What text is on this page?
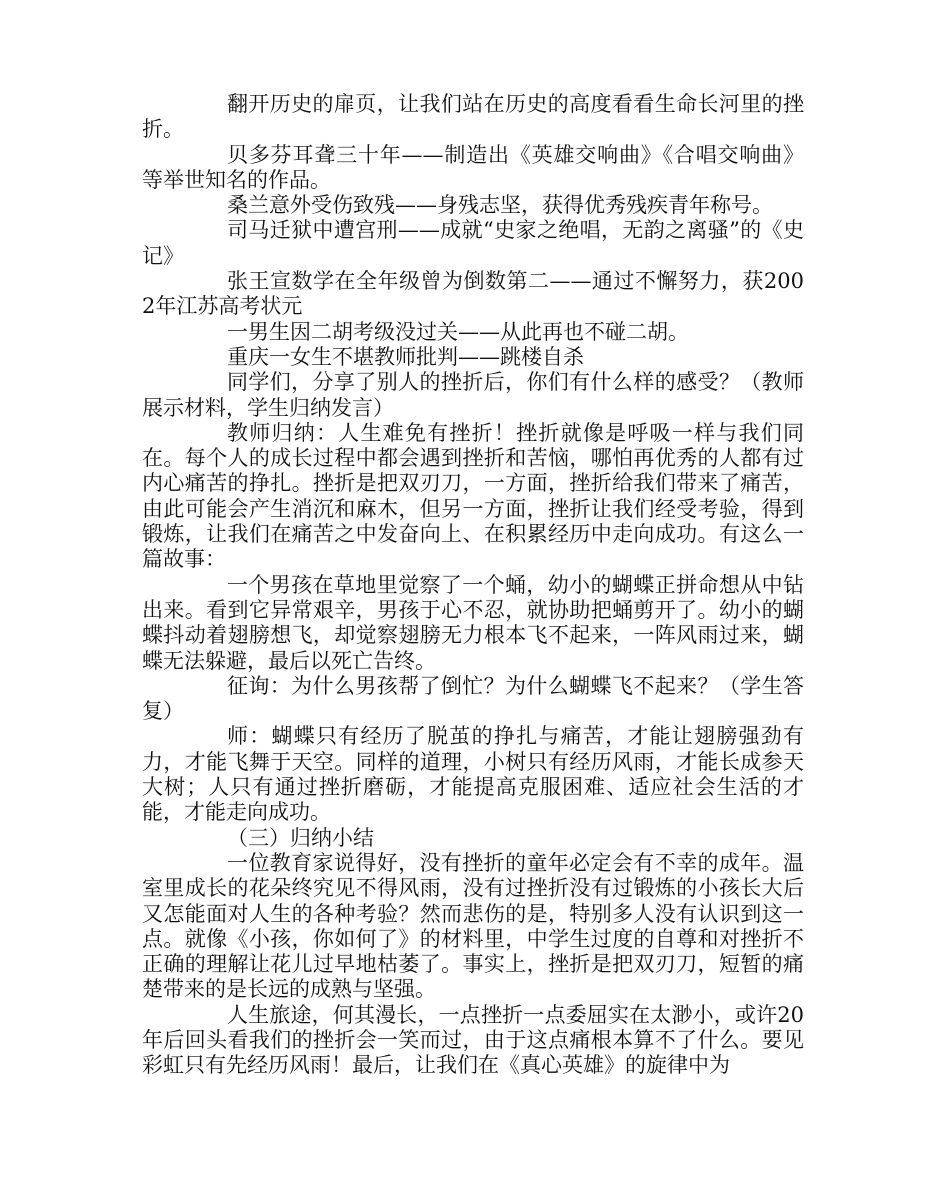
翻开历史的扉页，让我们站在历史的高度看看生命长河里的挫折。

贝多芬耳聋三十年——制造出《英雄交响曲》《合唱交响曲》等举世知名的作品。

桑兰意外受伤致残——身残志坚，获得优秀残疾青年称号。

司马迁狱中遭宫刑——成就“史家之绝唱，无韵之离骚”的《史记》

张王宣数学在全年级曾为倒数第二——通过不懈努力，获2002年江苏高考状元

一男生因二胡考级没过关——从此再也不碰二胡。

重庆一女生不堪教师批判——跳楼自杀

同学们，分享了别人的挫折后，你们有什么样的感受？（教师展示材料，学生归纳发言）

教师归纳：人生难免有挫折！挫折就像是呼吸一样与我们同在。每个人的成长过程中都会遇到挫折和苦恼，哪怕再优秀的人都有过内心痛苦的挣扎。挫折是把双刃刀，一方面，挫折给我们带来了痛苦，由此可能会产生消沉和麻木，但另一方面，挫折让我们经受考验，得到锻炼，让我们在痛苦之中发奋向上、在积累经历中走向成功。有这么一篇故事：

一个男孩在草地里觉察了一个蛹，幼小的蝴蝶正拼命想从中钻出来。看到它异常艰辛，男孩于心不忍，就协助把蛹剪开了。幼小的蝴蝶抖动着翅膀想飞，却觉察翅膀无力根本飞不起来，一阵风雨过来，蝴蝶无法躲避，最后以死亡告终。

征询：为什么男孩帮了倒忙？为什么蝴蝶飞不起来？（学生答复）

师：蝴蝶只有经历了脱茧的挣扎与痛苦，才能让翅膀强劲有力，才能飞舞于天空。同样的道理，小树只有经历风雨，才能长成参天大树；人只有通过挫折磨砺，才能提高克服困难、适应社会生活的才能，才能走向成功。

（三）归纳小结

一位教育家说得好，没有挫折的童年必定会有不幸的成年。温室里成长的花朵终究见不得风雨，没有过挫折没有过锻炼的小孩长大后又怎能面对人生的各种考验？然而悲伤的是，特别多人没有认识到这一点。就像《小孩，你如何了》的材料里，中学生过度的自尊和对挫折不正确的理解让花儿过早地枯萎了。事实上，挫折是把双刃刀，短暂的痛楚带来的是长远的成熟与坚强。

人生旅途，何其漫长，一点挫折一点委屈实在太渺小，或许20年后回头看我们的挫折会一笑而过，由于这点痛根本算不了什么。要见彩虹只有先经历风雨！最后，让我们在《真心英雄》的旋律中为
